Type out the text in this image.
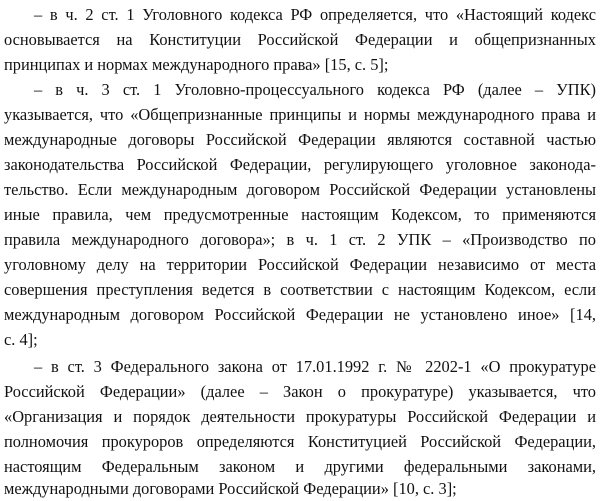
– в ч. 2 ст. 1 Уголовного кодекса РФ определяется, что «Настоящий кодекс
основывается на Конституции Российской Федерации и общепризнанных
принципах и нормах международного права» [15, с. 5];
– в ч. 3 ст. 1 Уголовно-процессуального кодекса РФ (далее – УПК)
указывается, что «Общепризнанные принципы и нормы международного права и
международные договоры Российской Федерации являются составной частью
законодательства Российской Федерации, регулирующего уголовное законода-
тельство. Если международным договором Российской Федерации установлены
иные правила, чем предусмотренные настоящим Кодексом, то применяются
правила международного договора»; в ч. 1 ст. 2 УПК – «Производство по
уголовному делу на территории Российской Федерации независимо от места
совершения преступления ведется в соответствии с настоящим Кодексом, если
международным договором Российской Федерации не установлено иное» [14,
с. 4];
– в ст. 3 Федерального закона от 17.01.1992 г. № 2202-1 «О прокуратуре
Российской Федерации» (далее – Закон о прокуратуре) указывается, что
«Организация и порядок деятельности прокуратуры Российской Федерации и
полномочия прокуроров определяются Конституцией Российской Федерации,
настоящим Федеральным законом и другими федеральными законами,
международными договорами Российской Федерации» [10, с. 3];
